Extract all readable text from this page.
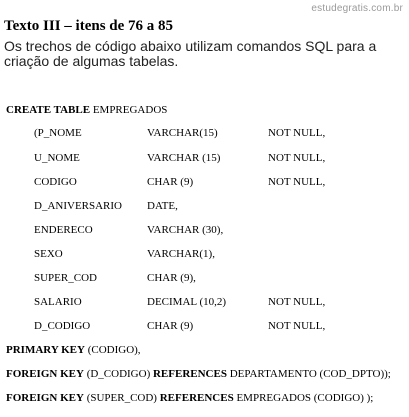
estudegratis.com.br
Texto III – itens de 76 a 85
Os trechos de código abaixo utilizam comandos SQL para a criação de algumas tabelas.
CREATE TABLE EMPREGADOS
(P_NOME	VARCHAR(15)	NOT NULL,
U_NOME	VARCHAR (15)	NOT NULL,
CODIGO	CHAR (9)	NOT NULL,
D_ANIVERSARIO DATE,
ENDERECO	VARCHAR (30),
SEXO	VARCHAR(1),
SUPER_COD	CHAR (9),
SALARIO	DECIMAL (10,2)	NOT NULL,
D_CODIGO	CHAR (9)	NOT NULL,
PRIMARY KEY (CODIGO),
FOREIGN KEY (D_CODIGO) REFERENCES DEPARTAMENTO (COD_DPTO));
FOREIGN KEY (SUPER_COD) REFERENCES EMPREGADOS (CODIGO) );
